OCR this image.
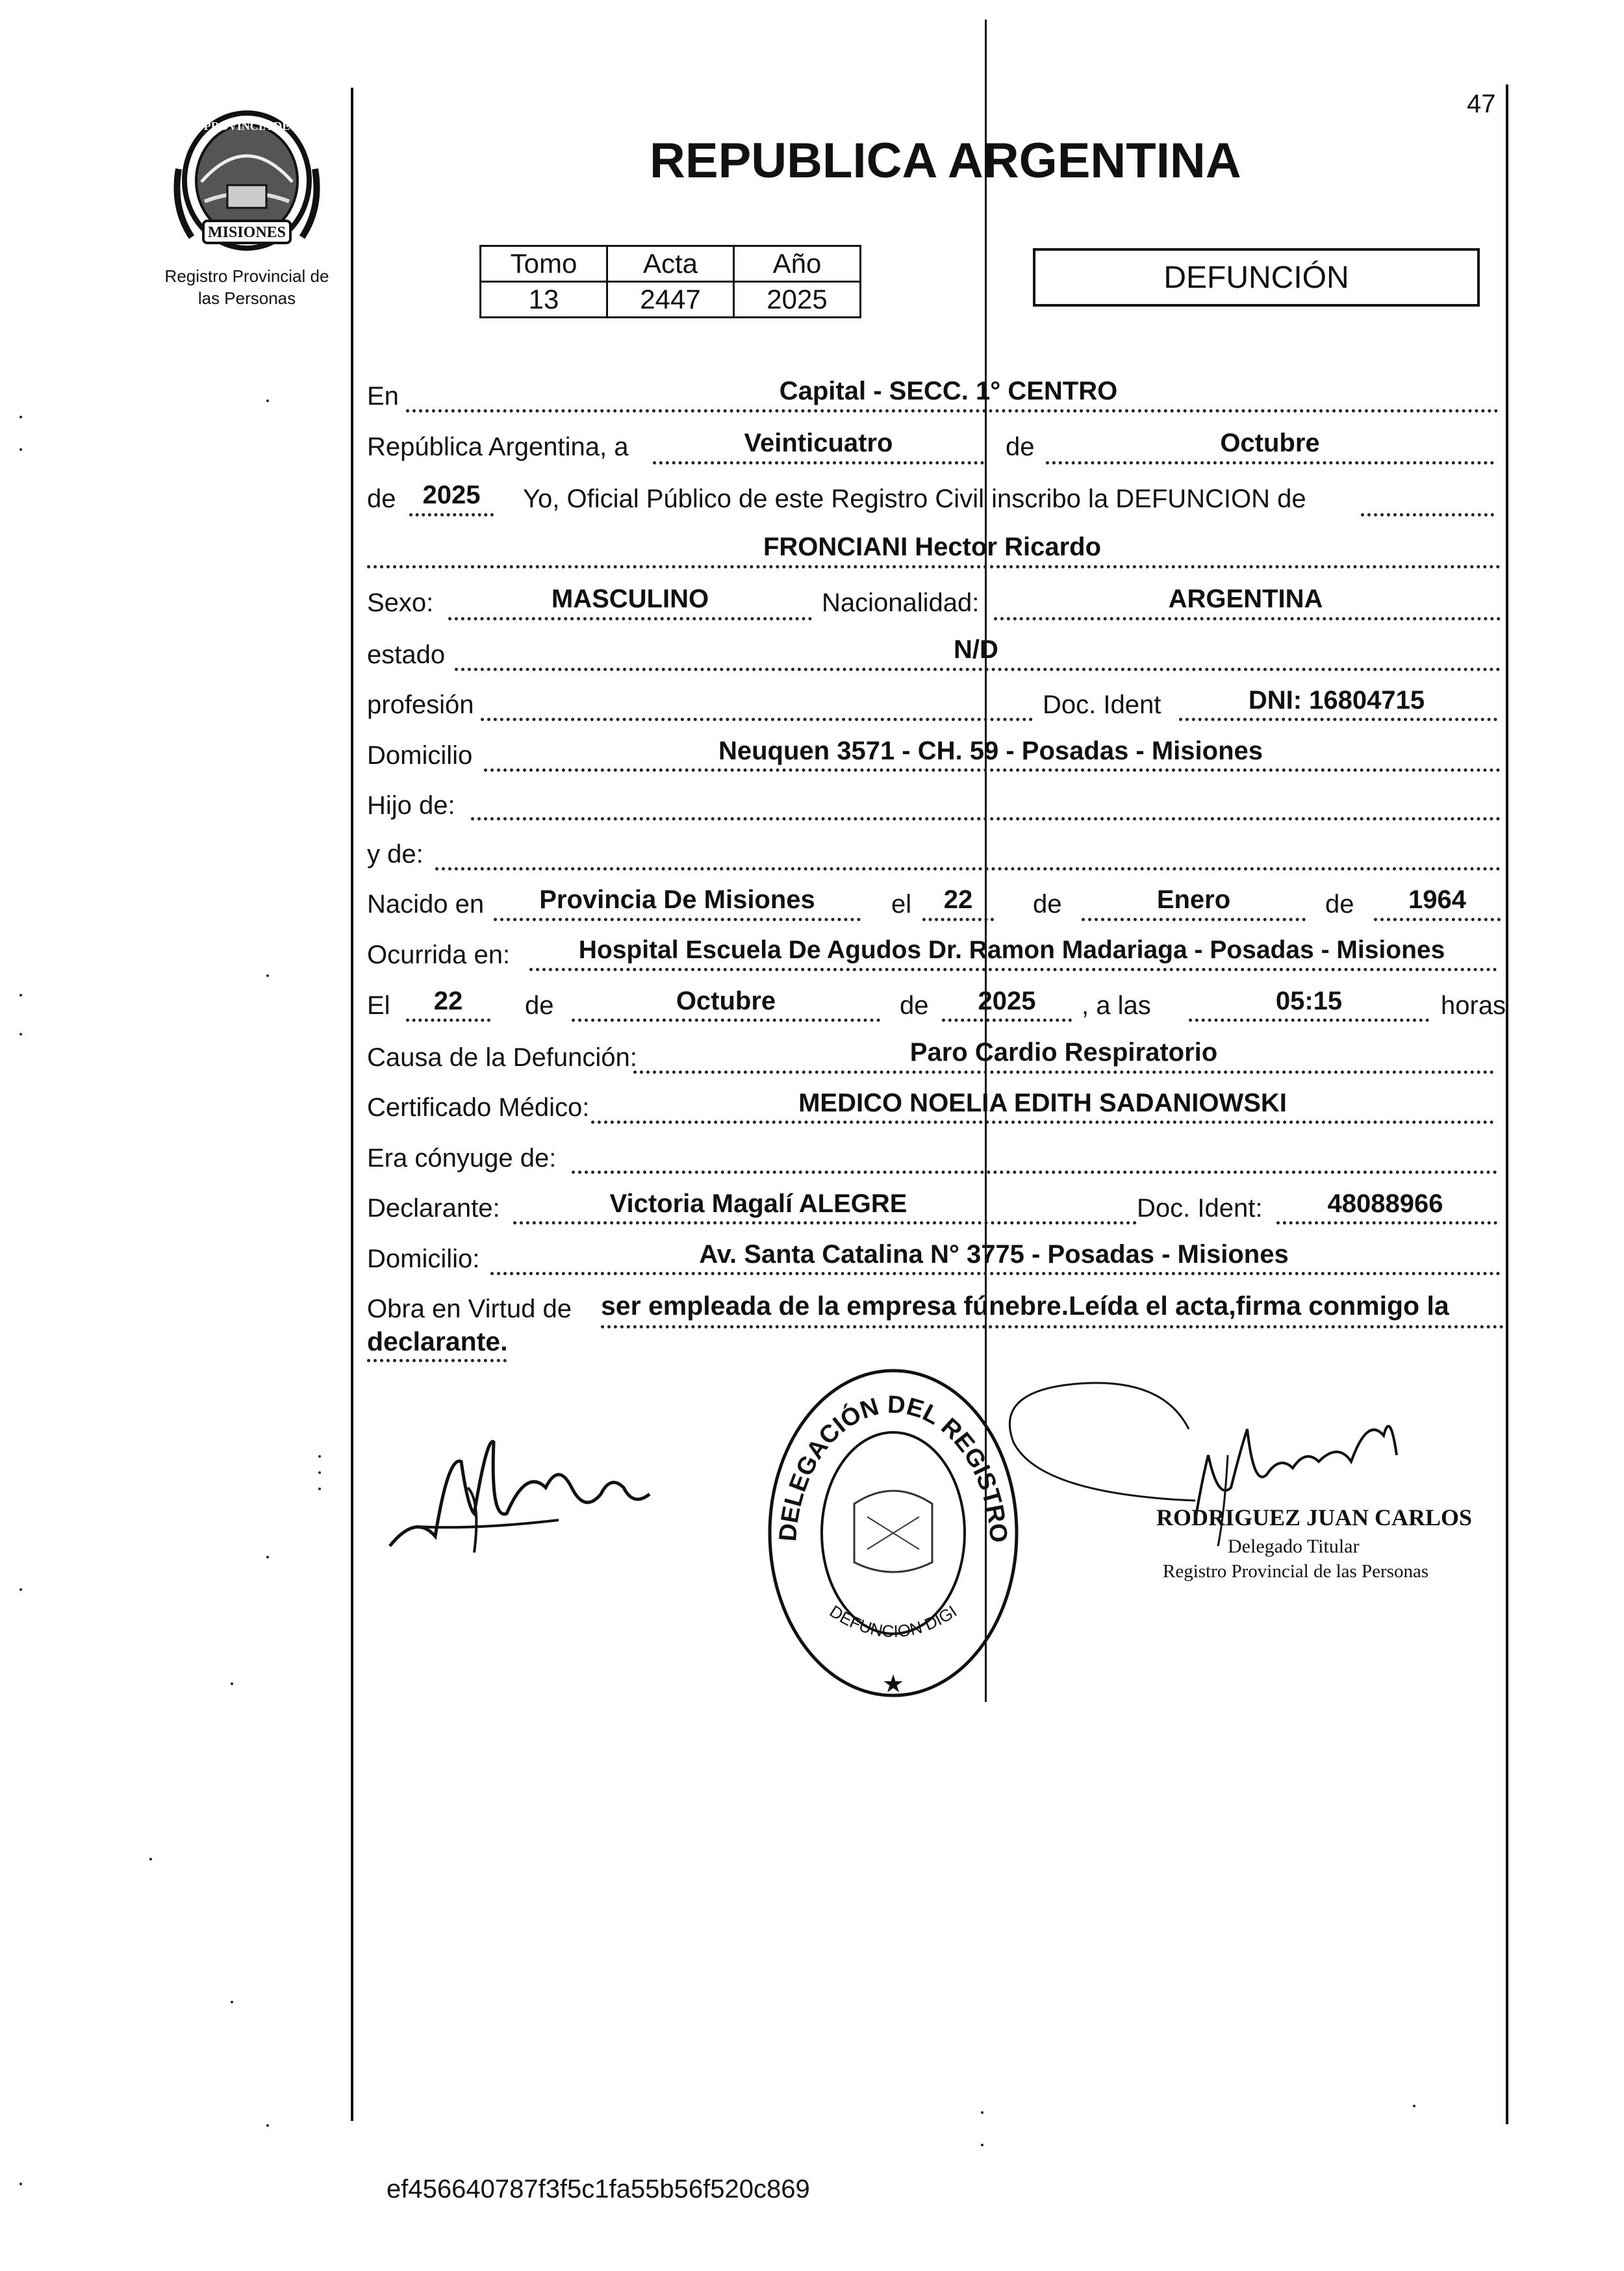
47
MISIONES
PROVINCIA DE
Registro Provincial de
las Personas
REPUBLICA ARGENTINA
Tomo	Acta	Año
13	2447	2025
DEFUNCIÓN
En	Capital - SECC. 1° CENTRO
República Argentina, a	Veinticuatro	de	Octubre
de	2025	Yo, Oficial Público de este Registro Civil inscribo la DEFUNCION de
FRONCIANI Hector Ricardo
Sexo:	MASCULINO	Nacionalidad:	ARGENTINA
estado	N/D
profesión	Doc. Ident	DNI: 16804715
Domicilio	Neuquen 3571 - CH. 59 - Posadas - Misiones
Hijo de:
y de:
Nacido en	Provincia De Misiones	el	22	de	Enero	de	1964
Ocurrida en:	Hospital Escuela De Agudos Dr. Ramon Madariaga - Posadas - Misiones
El	22	de	Octubre	de	2025	, a las	05:15	horas
Causa de la Defunción:	Paro Cardio Respiratorio
Certificado Médico:	MEDICO NOELIA EDITH SADANIOWSKI
Era cónyuge de:
Declarante:	Victoria Magalí ALEGRE	Doc. Ident:	48088966
Domicilio:	Av. Santa Catalina N° 3775 - Posadas - Misiones
Obra en Virtud de ser empleada de la empresa fúnebre.Leída el acta,firma conmigo la
declarante.
DELEGACIÓN DEL REGISTRO
DEFUNCION DIGI
★
RODRIGUEZ JUAN CARLOS
Delegado Titular
Registro Provincial de las Personas
ef456640787f3f5c1fa55b56f520c869
